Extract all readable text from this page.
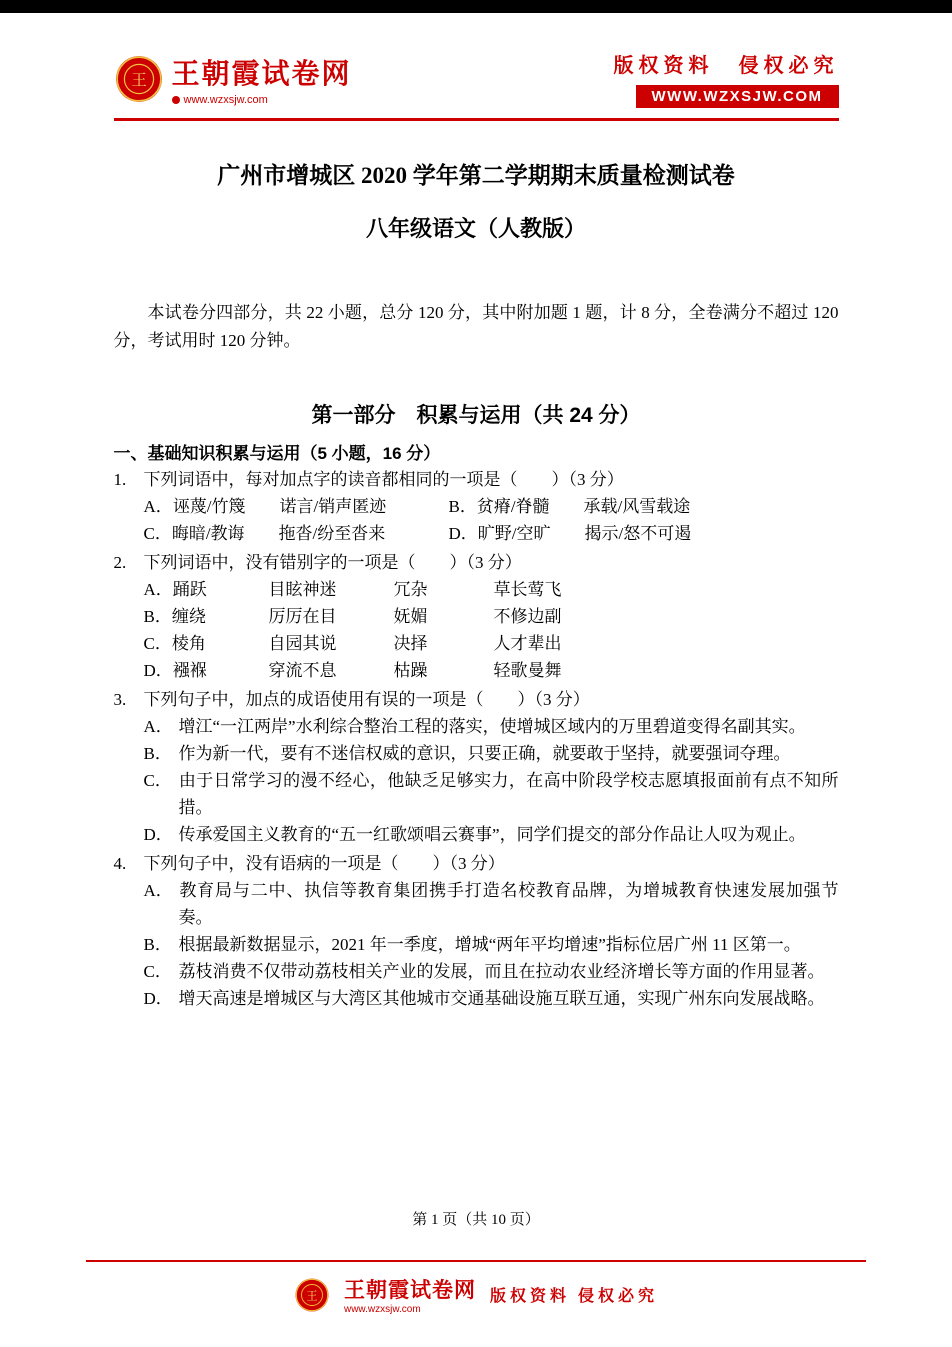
王 王朝霞试卷网
www.wzxsjw.com
版权资料　侵权必究
WWW.WZXSJW.COM
广州市增城区 2020 学年第二学期期末质量检测试卷
八年级语文（人教版）

本试卷分四部分，共 22 小题，总分 120 分，其中附加题 1 题，计 8 分，全卷满分不超过 120 分，考试用时 120 分钟。

第一部分　积累与运用（共 24 分）
一、基础知识积累与运用（5 小题，16 分）
1. 下列词语中，每对加点字的读音都相同的一项是（　　）（3 分）
A．诬蔑/竹篾　　诺言/销声匿迹	B．贫瘠/脊髓　　承载/风雪载途
C．晦暗/教诲　　拖沓/纷至沓来	D．旷野/空旷　　揭示/怒不可遏
2. 下列词语中，没有错别字的一项是（　　）（3 分）
A．踊跃	目眩神迷	冗杂	草长莺飞
B．缠绕	厉厉在目	妩媚	不修边副
C．棱角	自园其说	决择	人才辈出
D．襁褓	穿流不息	枯躁	轻歌曼舞
3. 下列句子中，加点的成语使用有误的一项是（　　）（3 分）
A． 增江“一江两岸”水利综合整治工程的落实，使增城区域内的万里碧道变得名副其实。
B． 作为新一代，要有不迷信权威的意识，只要正确，就要敢于坚持，就要强词夺理。
C． 由于日常学习的漫不经心，他缺乏足够实力，在高中阶段学校志愿填报面前有点不知所措。
D． 传承爱国主义教育的“五一红歌颂唱云赛事”，同学们提交的部分作品让人叹为观止。
4. 下列句子中，没有语病的一项是（　　）（3 分）
A． 教育局与二中、执信等教育集团携手打造名校教育品牌，为增城教育快速发展加强节奏。
B． 根据最新数据显示，2021 年一季度，增城“两年平均增速”指标位居广州 11 区第一。
C． 荔枝消费不仅带动荔枝相关产业的发展，而且在拉动农业经济增长等方面的作用显著。
D． 增天高速是增城区与大湾区其他城市交通基础设施互联互通，实现广州东向发展战略。
第 1 页（共 10 页）
王 王朝霞试卷网
www.wzxsjw.com
版权资料 侵权必究
